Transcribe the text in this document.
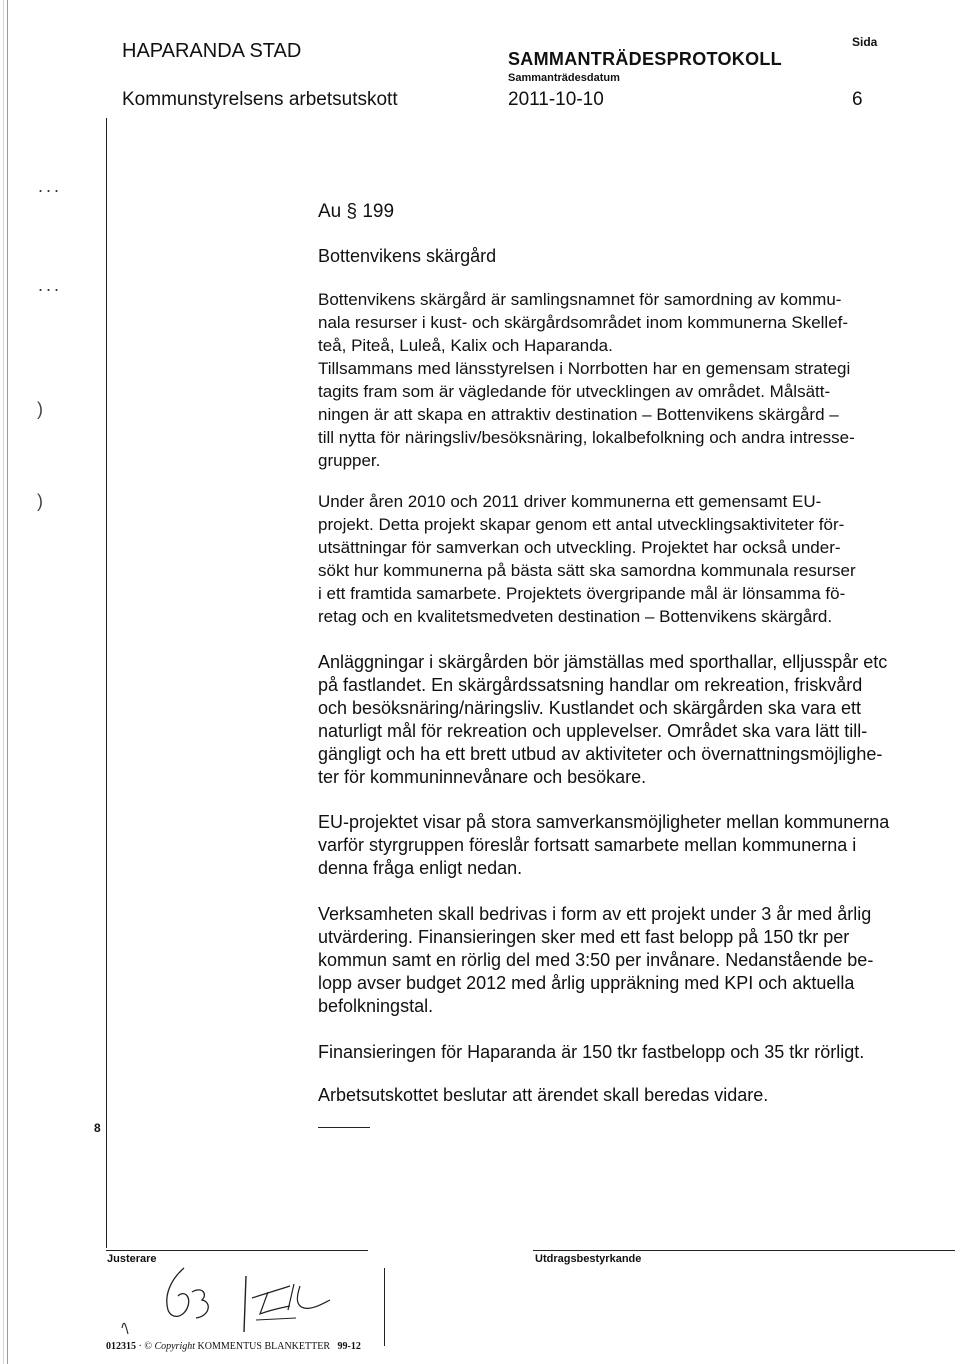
HAPARANDA STAD
Kommunstyrelsens arbetsutskott
SAMMANTRÄDESPROTOKOLL
Sammanträdesdatum
2011-10-10
Sida
6
...
...
)
)
Au § 199
Bottenvikens skärgård
Bottenvikens skärgård är samlingsnamnet för samordning av kommu-
nala resurser i kust- och skärgårdsområdet inom kommunerna Skellef-
teå, Piteå, Luleå, Kalix och Haparanda.
Tillsammans med länsstyrelsen i Norrbotten har en gemensam strategi
tagits fram som är vägledande för utvecklingen av området. Målsätt-
ningen är att skapa en attraktiv destination – Bottenvikens skärgård –
till nytta för näringsliv/besöksnäring, lokalbefolkning och andra intresse-
grupper.
Under åren 2010 och 2011 driver kommunerna ett gemensamt EU-
projekt. Detta projekt skapar genom ett antal utvecklingsaktiviteter för-
utsättningar för samverkan och utveckling. Projektet har också under-
sökt hur kommunerna på bästa sätt ska samordna kommunala resurser
i ett framtida samarbete. Projektets övergripande mål är lönsamma fö-
retag och en kvalitetsmedveten destination – Bottenvikens skärgård.
Anläggningar i skärgården bör jämställas med sporthallar, elljusspår etc
på fastlandet. En skärgårdssatsning handlar om rekreation, friskvård
och besöksnäring/näringsliv. Kustlandet och skärgården ska vara ett
naturligt mål för rekreation och upplevelser. Området ska vara lätt till-
gängligt och ha ett brett utbud av aktiviteter och övernattningsmöjlighe-
ter för kommuninnevånare och besökare.
EU-projektet visar på stora samverkansmöjligheter mellan kommunerna
varför styrgruppen föreslår fortsatt samarbete mellan kommunerna i
denna fråga enligt nedan.
Verksamheten skall bedrivas i form av ett projekt under 3 år med årlig
utvärdering. Finansieringen sker med ett fast belopp på 150 tkr per
kommun samt en rörlig del med 3:50 per invånare. Nedanstående be-
lopp avser budget 2012 med årlig uppräkning med KPI och aktuella
befolkningstal.
Finansieringen för Haparanda är 150 tkr fastbelopp och 35 tkr rörligt.
Arbetsutskottet beslutar att ärendet skall beredas vidare.
8
Justerare	Utdragsbestyrkande
012315 · © Copyright KOMMENTUS BLANKETTER 99-12
